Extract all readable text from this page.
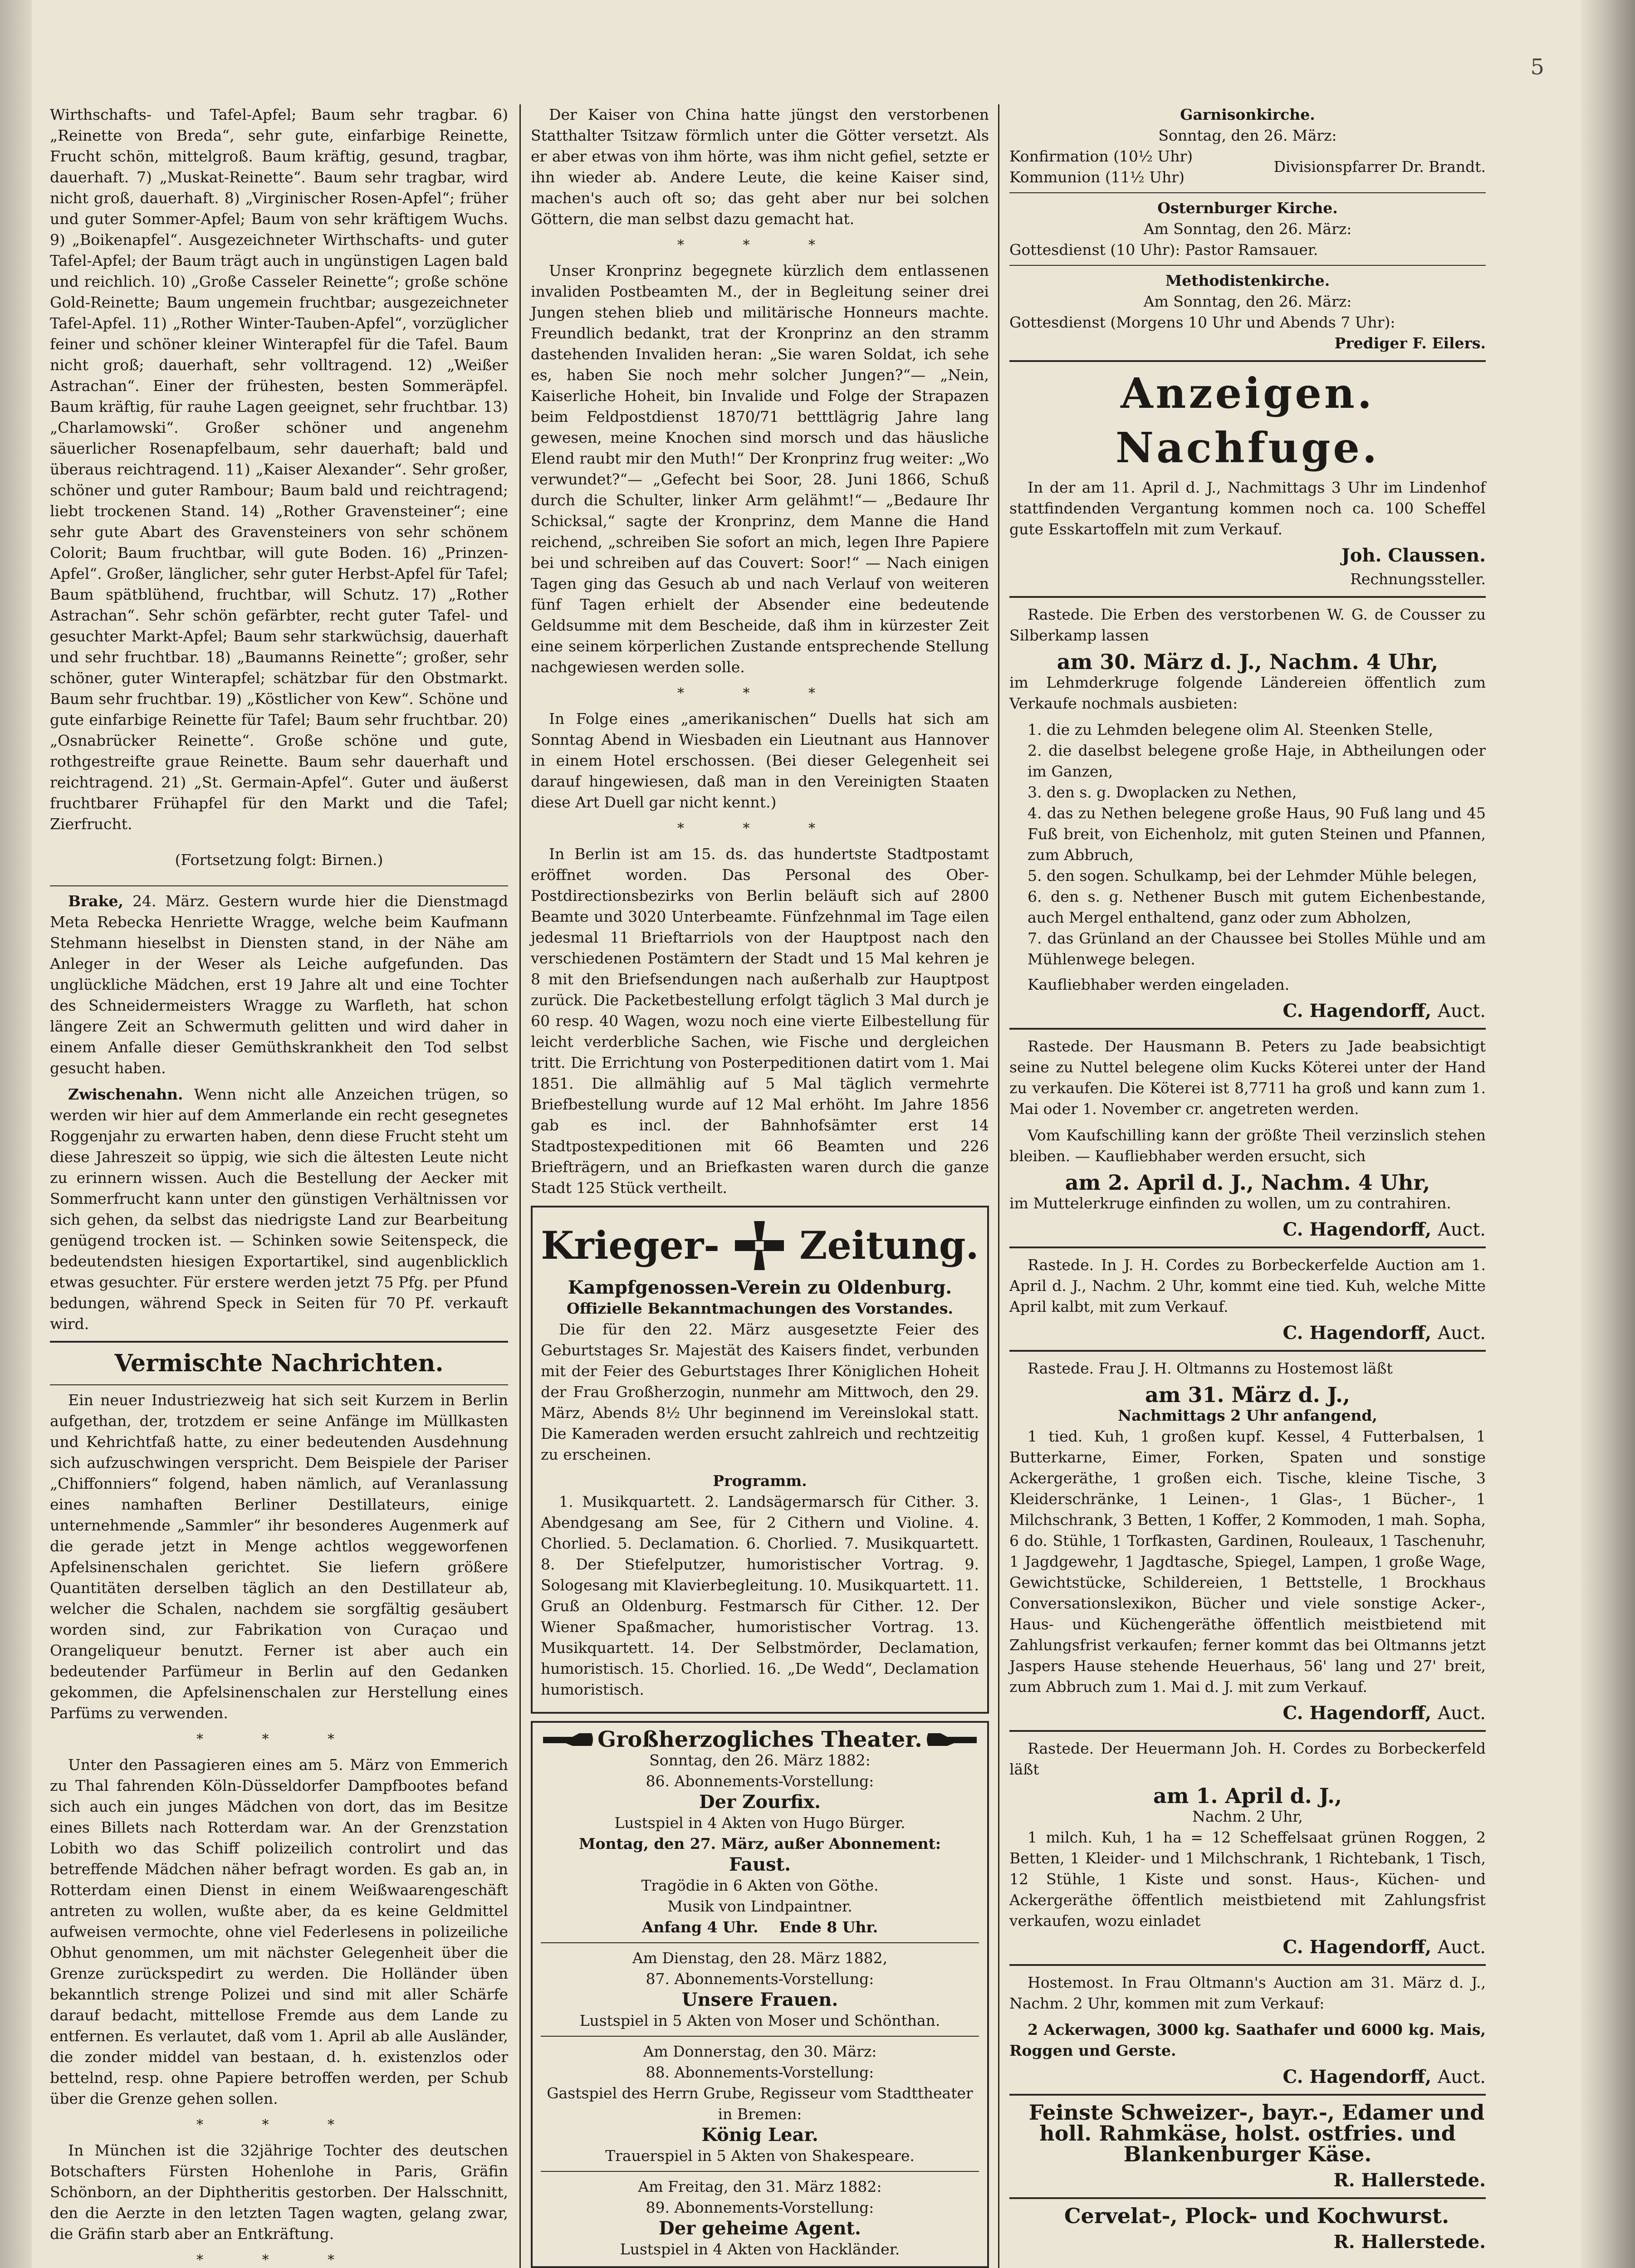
5

Wirthschafts- und Tafel-Apfel; Baum sehr tragbar. 6) „Reinette von Breda“, sehr gute, einfarbige Reinette, Frucht schön, mittelgroß. Baum kräftig, gesund, tragbar, dauerhaft. 7) „Muskat-Reinette“. Baum sehr tragbar, wird nicht groß, dauerhaft. 8) „Virginischer Rosen-Apfel“; früher und guter Sommer-Apfel; Baum von sehr kräftigem Wuchs. 9) „Boikenapfel“. Ausgezeichneter Wirthschafts- und guter Tafel-Apfel; der Baum trägt auch in ungünstigen Lagen bald und reichlich. 10) „Große Casseler Reinette“; große schöne Gold-Reinette; Baum ungemein fruchtbar; ausgezeichneter Tafel-Apfel. 11) „Rother Winter-Tauben-Apfel“, vorzüglicher feiner und schöner kleiner Winterapfel für die Tafel. Baum nicht groß; dauerhaft, sehr volltragend. 12) „Weißer Astrachan“. Einer der frühesten, besten Sommeräpfel. Baum kräftig, für rauhe Lagen geeignet, sehr fruchtbar. 13) „Charlamowski“. Großer schöner und angenehm säuerlicher Rosenapfelbaum, sehr dauerhaft; bald und überaus reichtragend. 11) „Kaiser Alexander“. Sehr großer, schöner und guter Rambour; Baum bald und reichtragend; liebt trockenen Stand. 14) „Rother Gravensteiner“; eine sehr gute Abart des Gravensteiners von sehr schönem Colorit; Baum fruchtbar, will gute Boden. 16) „Prinzen-Apfel“. Großer, länglicher, sehr guter Herbst-Apfel für Tafel; Baum spätblühend, fruchtbar, will Schutz. 17) „Rother Astrachan“. Sehr schön gefärbter, recht guter Tafel- und gesuchter Markt-Apfel; Baum sehr starkwüchsig, dauerhaft und sehr fruchtbar. 18) „Baumanns Reinette“; großer, sehr schöner, guter Winterapfel; schätzbar für den Obstmarkt. Baum sehr fruchtbar. 19) „Köstlicher von Kew“. Schöne und gute einfarbige Reinette für Tafel; Baum sehr fruchtbar. 20) „Osnabrücker Reinette“. Große schöne und gute, rothgestreifte graue Reinette. Baum sehr dauerhaft und reichtragend. 21) „St. Germain-Apfel“. Guter und äußerst fruchtbarer Frühapfel für den Markt und die Tafel; Zierfrucht.

(Fortsetzung folgt: Birnen.)

Brake, 24. März. Gestern wurde hier die Dienstmagd Meta Rebecka Henriette Wragge, welche beim Kaufmann Stehmann hieselbst in Diensten stand, in der Nähe am Anleger in der Weser als Leiche aufgefunden. Das unglückliche Mädchen, erst 19 Jahre alt und eine Tochter des Schneidermeisters Wragge zu Warfleth, hat schon längere Zeit an Schwermuth gelitten und wird daher in einem Anfalle dieser Gemüthskrankheit den Tod selbst gesucht haben.

Zwischenahn. Wenn nicht alle Anzeichen trügen, so werden wir hier auf dem Ammerlande ein recht gesegnetes Roggenjahr zu erwarten haben, denn diese Frucht steht um diese Jahreszeit so üppig, wie sich die ältesten Leute nicht zu erinnern wissen. Auch die Bestellung der Aecker mit Sommerfrucht kann unter den günstigen Verhältnissen vor sich gehen, da selbst das niedrigste Land zur Bearbeitung genügend trocken ist. — Schinken sowie Seitenspeck, die bedeutendsten hiesigen Exportartikel, sind augenblicklich etwas gesuchter. Für erstere werden jetzt 75 Pfg. per Pfund bedungen, während Speck in Seiten für 70 Pf. verkauft wird.

Vermischte Nachrichten.

Ein neuer Industriezweig hat sich seit Kurzem in Berlin aufgethan, der, trotzdem er seine Anfänge im Müllkasten und Kehrichtfaß hatte, zu einer bedeutenden Ausdehnung sich aufzuschwingen verspricht. Dem Beispiele der Pariser „Chiffonniers“ folgend, haben nämlich, auf Veranlassung eines namhaften Berliner Destillateurs, einige unternehmende „Sammler“ ihr besonderes Augenmerk auf die gerade jetzt in Menge achtlos weggeworfenen Apfelsinenschalen gerichtet. Sie liefern größere Quantitäten derselben täglich an den Destillateur ab, welcher die Schalen, nachdem sie sorgfältig gesäubert worden sind, zur Fabrikation von Curaçao und Orangeliqueur benutzt. Ferner ist aber auch ein bedeutender Parfümeur in Berlin auf den Gedanken gekommen, die Apfelsinenschalen zur Herstellung eines Parfüms zu verwenden.

* * *

Unter den Passagieren eines am 5. März von Emmerich zu Thal fahrenden Köln-Düsseldorfer Dampfbootes befand sich auch ein junges Mädchen von dort, das im Besitze eines Billets nach Rotterdam war. An der Grenzstation Lobith wo das Schiff polizeilich controlirt und das betreffende Mädchen näher befragt worden. Es gab an, in Rotterdam einen Dienst in einem Weißwaarengeschäft antreten zu wollen, wußte aber, da es keine Geldmittel aufweisen vermochte, ohne viel Federlesens in polizeiliche Obhut genommen, um mit nächster Gelegenheit über die Grenze zurückspedirt zu werden. Die Holländer üben bekanntlich strenge Polizei und sind mit aller Schärfe darauf bedacht, mittellose Fremde aus dem Lande zu entfernen. Es verlautet, daß vom 1. April ab alle Ausländer, die zonder middel van bestaan, d. h. existenzlos oder bettelnd, resp. ohne Papiere betroffen werden, per Schub über die Grenze gehen sollen.

* * *

In München ist die 32jährige Tochter des deutschen Botschafters Fürsten Hohenlohe in Paris, Gräfin Schönborn, an der Diphtheritis gestorben. Der Halsschnitt, den die Aerzte in den letzten Tagen wagten, gelang zwar, die Gräfin starb aber an Entkräftung.

* * *

Der Kaiser von China hatte jüngst den verstorbenen Statthalter Tsitzaw förmlich unter die Götter versetzt. Als er aber etwas von ihm hörte, was ihm nicht gefiel, setzte er ihn wieder ab. Andere Leute, die keine Kaiser sind, machen's auch oft so; das geht aber nur bei solchen Göttern, die man selbst dazu gemacht hat.

* * *

Unser Kronprinz begegnete kürzlich dem entlassenen invaliden Postbeamten M., der in Begleitung seiner drei Jungen stehen blieb und militärische Honneurs machte. Freundlich bedankt, trat der Kronprinz an den stramm dastehenden Invaliden heran: „Sie waren Soldat, ich sehe es, haben Sie noch mehr solcher Jungen?“— „Nein, Kaiserliche Hoheit, bin Invalide und Folge der Strapazen beim Feldpostdienst 1870/71 betttlägrig Jahre lang gewesen, meine Knochen sind morsch und das häusliche Elend raubt mir den Muth!“ Der Kronprinz frug weiter: „Wo verwundet?“— „Gefecht bei Soor, 28. Juni 1866, Schuß durch die Schulter, linker Arm gelähmt!“— „Bedaure Ihr Schicksal,“ sagte der Kronprinz, dem Manne die Hand reichend, „schreiben Sie sofort an mich, legen Ihre Papiere bei und schreiben auf das Couvert: Soor!“ — Nach einigen Tagen ging das Gesuch ab und nach Verlauf von weiteren fünf Tagen erhielt der Absender eine bedeutende Geldsumme mit dem Bescheide, daß ihm in kürzester Zeit eine seinem körperlichen Zustande entsprechende Stellung nachgewiesen werden solle.

* * *

In Folge eines „amerikanischen“ Duells hat sich am Sonntag Abend in Wiesbaden ein Lieutnant aus Hannover in einem Hotel erschossen. (Bei dieser Gelegenheit sei darauf hingewiesen, daß man in den Vereinigten Staaten diese Art Duell gar nicht kennt.)

* * *

In Berlin ist am 15. ds. das hundertste Stadtpostamt eröffnet worden. Das Personal des Ober-Postdirectionsbezirks von Berlin beläuft sich auf 2800 Beamte und 3020 Unterbeamte. Fünfzehnmal im Tage eilen jedesmal 11 Brieftarriols von der Hauptpost nach den verschiedenen Postämtern der Stadt und 15 Mal kehren je 8 mit den Briefsendungen nach außerhalb zur Hauptpost zurück. Die Packetbestellung erfolgt täglich 3 Mal durch je 60 resp. 40 Wagen, wozu noch eine vierte Eilbestellung für leicht verderbliche Sachen, wie Fische und dergleichen tritt. Die Errichtung von Posterpeditionen datirt vom 1. Mai 1851. Die allmählig auf 5 Mal täglich vermehrte Briefbestellung wurde auf 12 Mal erhöht. Im Jahre 1856 gab es incl. der Bahnhofsämter erst 14 Stadtpostexpeditionen mit 66 Beamten und 226 Briefträgern, und an Briefkasten waren durch die ganze Stadt 125 Stück vertheilt.

Krieger- Zeitung.
Kampfgenossen-Verein zu Oldenburg.
Offizielle Bekanntmachungen des Vorstandes.

Die für den 22. März ausgesetzte Feier des Geburtstages Sr. Majestät des Kaisers findet, verbunden mit der Feier des Geburtstages Ihrer Königlichen Hoheit der Frau Großherzogin, nunmehr am Mittwoch, den 29. März, Abends 8½ Uhr beginnend im Vereinslokal statt. Die Kameraden werden ersucht zahlreich und rechtzeitig zu erscheinen.

Programm.

1. Musikquartett. 2. Landsägermarsch für Cither. 3. Abendgesang am See, für 2 Cithern und Violine. 4. Chorlied. 5. Declamation. 6. Chorlied. 7. Musikquartett. 8. Der Stiefelputzer, humoristischer Vortrag. 9. Sologesang mit Klavierbegleitung. 10. Musikquartett. 11. Gruß an Oldenburg. Festmarsch für Cither. 12. Der Wiener Spaßmacher, humoristischer Vortrag. 13. Musikquartett. 14. Der Selbstmörder, Declamation, humoristisch. 15. Chorlied. 16. „De Wedd“, Declamation humoristisch.

Großherzogliches Theater.
Sonntag, den 26. März 1882:
86. Abonnements-Vorstellung:
Der Zourfix.
Lustspiel in 4 Akten von Hugo Bürger.
Montag, den 27. März, außer Abonnement:
Faust.
Tragödie in 6 Akten von Göthe.
Musik von Lindpaintner.
Anfang 4 Uhr. Ende 8 Uhr.
Am Dienstag, den 28. März 1882,
87. Abonnements-Vorstellung:
Unsere Frauen.
Lustspiel in 5 Akten von Moser und Schönthan.
Am Donnerstag, den 30. März:
88. Abonnements-Vorstellung:
Gastspiel des Herrn Grube, Regisseur vom Stadttheater in Bremen:
König Lear.
Trauerspiel in 5 Akten von Shakespeare.
Am Freitag, den 31. März 1882:
89. Abonnements-Vorstellung:
Der geheime Agent.
Lustspiel in 4 Akten von Hackländer.
Garnisonkirche.
Sonntag, den 26. März:
Konfirmation (10½ Uhr)
Kommunion (11½ Uhr)
Divisionspfarrer Dr. Brandt.
Osternburger Kirche.
Am Sonntag, den 26. März:
Gottesdienst (10 Uhr): Pastor Ramsauer.
Methodistenkirche.
Am Sonntag, den 26. März:
Gottesdienst (Morgens 10 Uhr und Abends 7 Uhr):
Prediger F. Eilers.
Anzeigen.
Nachfuge.

In der am 11. April d. J., Nachmittags 3 Uhr im Lindenhof stattfindenden Vergantung kommen noch ca. 100 Scheffel gute Esskartoffeln mit zum Verkauf.

Joh. Claussen.
Rechnungssteller.

Rastede. Die Erben des verstorbenen W. G. de Cousser zu Silberkamp lassen

am 30. März d. J., Nachm. 4 Uhr,

im Lehmderkruge folgende Ländereien öffentlich zum Verkaufe nochmals ausbieten:

1. die zu Lehmden belegene olim Al. Steenken Stelle,
2. die daselbst belegene große Haje, in Abtheilungen oder im Ganzen,
3. den s. g. Dwoplacken zu Nethen,
4. das zu Nethen belegene große Haus, 90 Fuß lang und 45 Fuß breit, von Eichenholz, mit guten Steinen und Pfannen, zum Abbruch,
5. den sogen. Schulkamp, bei der Lehmder Mühle belegen,
6. den s. g. Nethener Busch mit gutem Eichenbestande, auch Mergel enthaltend, ganz oder zum Abholzen,
7. das Grünland an der Chaussee bei Stolles Mühle und am Mühlenwege belegen.

Kaufliebhaber werden eingeladen.

C. Hagendorff, Auct.

Rastede. Der Hausmann B. Peters zu Jade beabsichtigt seine zu Nuttel belegene olim Kucks Köterei unter der Hand zu verkaufen. Die Köterei ist 8,7711 ha groß und kann zum 1. Mai oder 1. November cr. angetreten werden.

Vom Kaufschilling kann der größte Theil verzinslich stehen bleiben. — Kaufliebhaber werden ersucht, sich

am 2. April d. J., Nachm. 4 Uhr,

im Muttelerkruge einfinden zu wollen, um zu contrahiren.

C. Hagendorff, Auct.

Rastede. In J. H. Cordes zu Borbeckerfelde Auction am 1. April d. J., Nachm. 2 Uhr, kommt eine tied. Kuh, welche Mitte April kalbt, mit zum Verkauf.

C. Hagendorff, Auct.

Rastede. Frau J. H. Oltmanns zu Hostemost läßt

am 31. März d. J.,
Nachmittags 2 Uhr anfangend,

1 tied. Kuh, 1 großen kupf. Kessel, 4 Futterbalsen, 1 Butterkarne, Eimer, Forken, Spaten und sonstige Ackergeräthe, 1 großen eich. Tische, kleine Tische, 3 Kleiderschränke, 1 Leinen-, 1 Glas-, 1 Bücher-, 1 Milchschrank, 3 Betten, 1 Koffer, 2 Kommoden, 1 mah. Sopha, 6 do. Stühle, 1 Torfkasten, Gardinen, Rouleaux, 1 Taschenuhr, 1 Jagdgewehr, 1 Jagdtasche, Spiegel, Lampen, 1 große Wage, Gewichtstücke, Schildereien, 1 Bettstelle, 1 Brockhaus Conversationslexikon, Bücher und viele sonstige Acker-, Haus- und Küchengeräthe öffentlich meistbietend mit Zahlungsfrist verkaufen; ferner kommt das bei Oltmanns jetzt Jaspers Hause stehende Heuerhaus, 56' lang und 27' breit, zum Abbruch zum 1. Mai d. J. mit zum Verkauf.

C. Hagendorff, Auct.

Rastede. Der Heuermann Joh. H. Cordes zu Borbeckerfeld läßt

am 1. April d. J.,
Nachm. 2 Uhr,

1 milch. Kuh, 1 ha = 12 Scheffelsaat grünen Roggen, 2 Betten, 1 Kleider- und 1 Milchschrank, 1 Richtebank, 1 Tisch, 12 Stühle, 1 Kiste und sonst. Haus-, Küchen- und Ackergeräthe öffentlich meistbietend mit Zahlungsfrist verkaufen, wozu einladet

C. Hagendorff, Auct.

Hostemost. In Frau Oltmann's Auction am 31. März d. J., Nachm. 2 Uhr, kommen mit zum Verkauf:

2 Ackerwagen, 3000 kg. Saathafer und 6000 kg. Mais, Roggen und Gerste.

C. Hagendorff, Auct.

Feinste Schweizer-, bayr.-, Edamer und holl. Rahmkäse, holst. ostfries. und Blankenburger Käse.

R. Hallerstede.

Cervelat-, Plock- und Kochwurst.

R. Hallerstede.
